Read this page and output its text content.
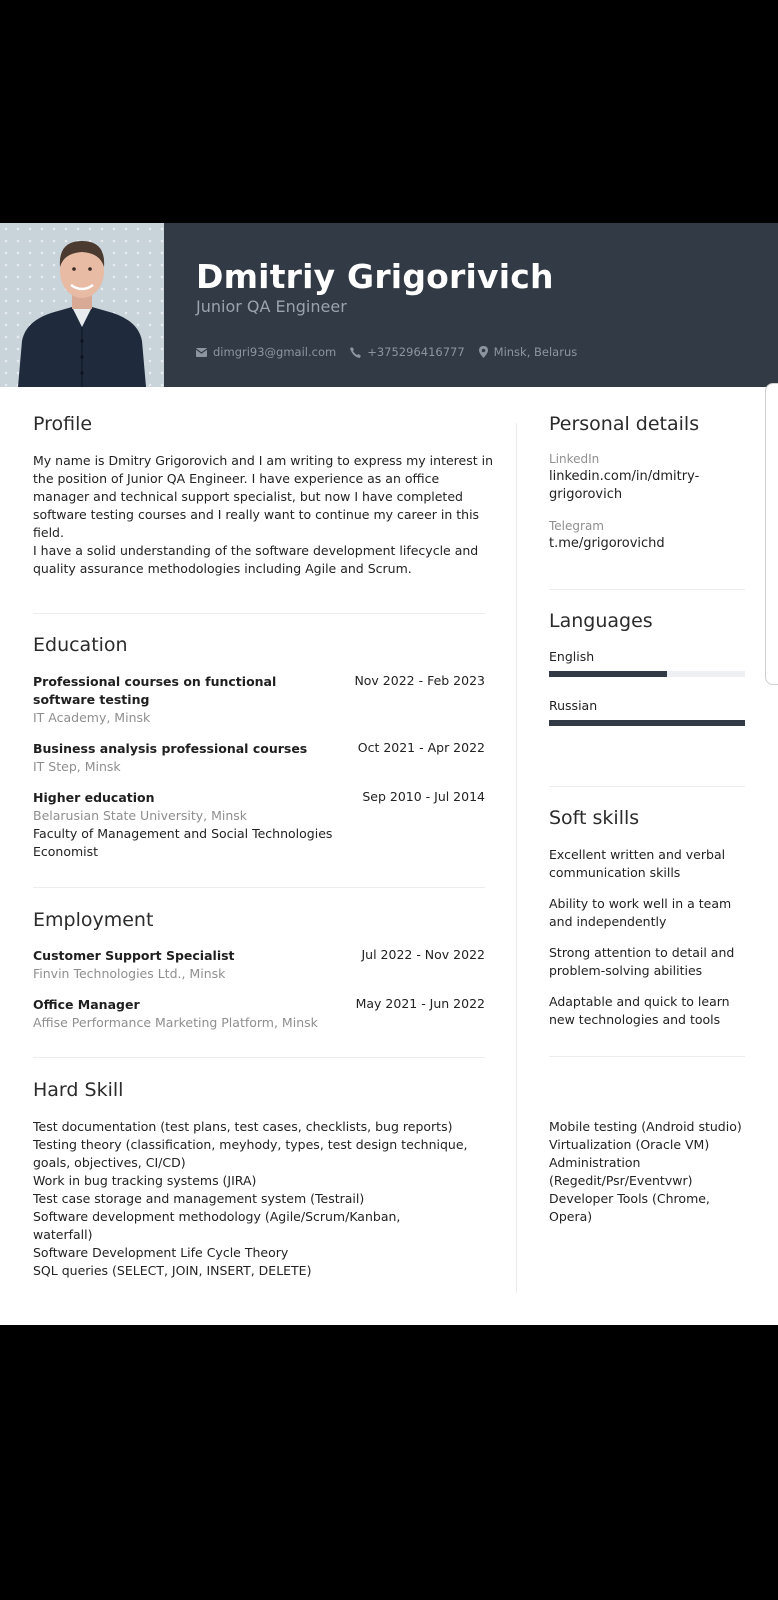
Dmitriy Grigorivich
Junior QA Engineer
dimgri93@gmail.com	+375296416777	Minsk, Belarus
Profile
My name is Dmitry Grigorovich and I am writing to express my interest in
the position of Junior QA Engineer. I have experience as an office
manager and technical support specialist, but now I have completed
software testing courses and I really want to continue my career in this
field.
I have a solid understanding of the software development lifecycle and
quality assurance methodologies including Agile and Scrum.
Education
Professional courses on functional software testing
Nov 2022 - Feb 2023
IT Academy, Minsk
Business analysis professional courses	Oct 2021 - Apr 2022
IT Step, Minsk
Higher education	Sep 2010 - Jul 2014
Belarusian State University, Minsk
Faculty of Management and Social Technologies
Economist
Employment
Customer Support Specialist	Jul 2022 - Nov 2022
Finvin Technologies Ltd., Minsk
Office Manager	May 2021 - Jun 2022
Affise Performance Marketing Platform, Minsk
Hard Skill
Test documentation (test plans, test cases, checklists, bug reports)
Testing theory (classification, meyhody, types, test design technique,
goals, objectives, CI/CD)
Work in bug tracking systems (JIRA)
Test case storage and management system (Testrail)
Software development methodology (Agile/Scrum/Kanban,
waterfall)
Software Development Life Cycle Theory
SQL queries (SELECT, JOIN, INSERT, DELETE)
Mobile testing (Android studio)
Virtualization (Oracle VM)
Administration
(Regedit/Psr/Eventvwr)
Developer Tools (Chrome,
Opera)
Personal details
LinkedIn
linkedin.com/in/dmitry-
grigorovich
Telegram
t.me/grigorovichd
Languages
English
Russian
Soft skills
Excellent written and verbal
communication skills
Ability to work well in a team
and independently
Strong attention to detail and
problem-solving abilities
Adaptable and quick to learn
new technologies and tools
